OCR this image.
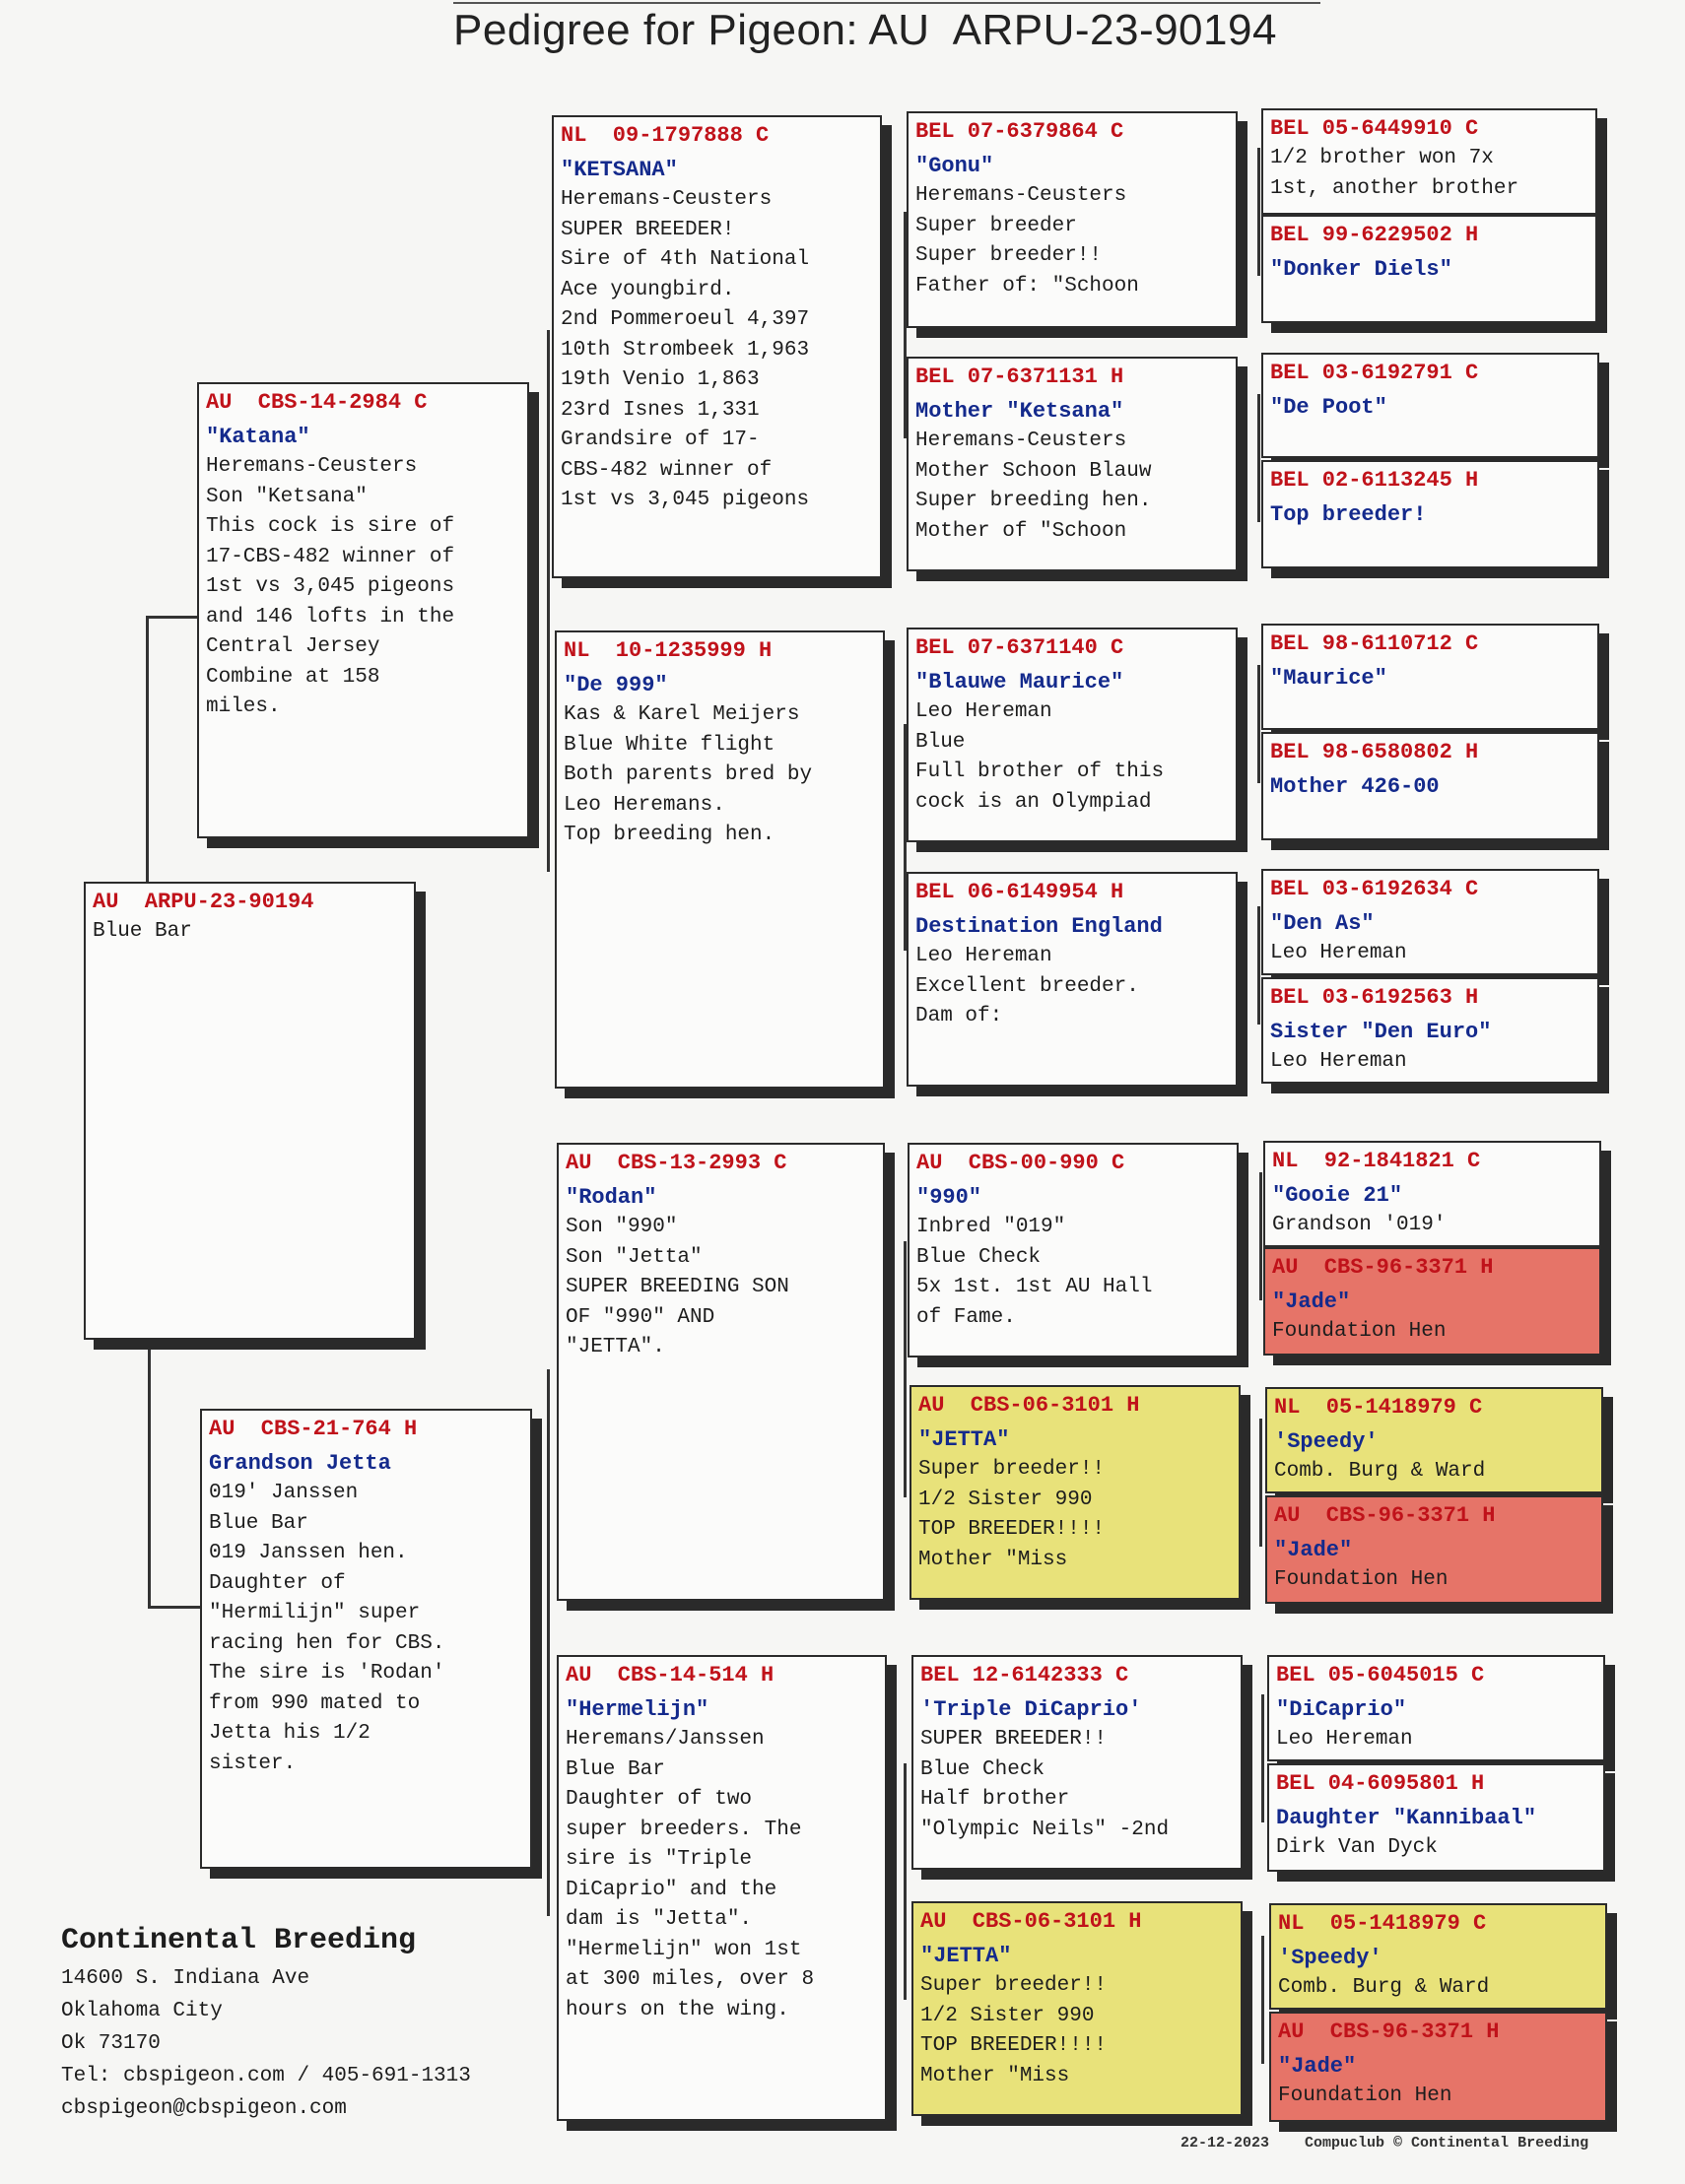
Pedigree for Pigeon: AU  ARPU-23-90194
AU  ARPU-23-90194
Blue Bar
AU  CBS-14-2984 C
"Katana"
Heremans-Ceusters
Son "Ketsana"
This cock is sire of
17-CBS-482 winner of
1st vs 3,045 pigeons
and 146 lofts in the
Central Jersey
Combine at 158
miles.
AU  CBS-21-764 H
Grandson Jetta
019' Janssen
Blue Bar
019 Janssen hen.
Daughter of
"Hermilijn" super
racing hen for CBS.
The sire is 'Rodan'
from 990 mated to
Jetta his 1/2
sister.
NL  09-1797888 C
"KETSANA"
Heremans-Ceusters
SUPER BREEDER!
Sire of 4th National
Ace youngbird.
2nd Pommeroeul 4,397
10th Strombeek 1,963
19th Venio 1,863
23rd Isnes 1,331
Grandsire of 17-
CBS-482 winner of
1st vs 3,045 pigeons
NL  10-1235999 H
"De 999"
Kas & Karel Meijers
Blue White flight
Both parents bred by
Leo Heremans.
Top breeding hen.
AU  CBS-13-2993 C
"Rodan"
Son "990"
Son "Jetta"
SUPER BREEDING SON
OF "990" AND
"JETTA".
AU  CBS-14-514 H
"Hermelijn"
Heremans/Janssen
Blue Bar
Daughter of two
super breeders. The
sire is "Triple
DiCaprio" and the
dam is "Jetta".
"Hermelijn" won 1st
at 300 miles, over 8
hours on the wing.
BEL 07-6379864 C
"Gonu"
Heremans-Ceusters
Super breeder
Super breeder!!
Father of: "Schoon
BEL 07-6371131 H
Mother "Ketsana"
Heremans-Ceusters
Mother Schoon Blauw
Super breeding hen.
Mother of "Schoon
BEL 07-6371140 C
"Blauwe Maurice"
Leo Hereman
Blue
Full brother of this
cock is an Olympiad
BEL 06-6149954 H
Destination England
Leo Hereman
Excellent breeder.
Dam of:
AU  CBS-00-990 C
"990"
Inbred "019"
Blue Check
5x 1st. 1st AU Hall
of Fame.
AU  CBS-06-3101 H
"JETTA"
Super breeder!!
1/2 Sister 990
TOP BREEDER!!!!
Mother "Miss
BEL 12-6142333 C
'Triple DiCaprio'
SUPER BREEDER!!
Blue Check
Half brother
"Olympic Neils" -2nd
AU  CBS-06-3101 H
"JETTA"
Super breeder!!
1/2 Sister 990
TOP BREEDER!!!!
Mother "Miss
BEL 05-6449910 C
1/2 brother won 7x
1st, another brother
BEL 99-6229502 H
"Donker Diels"
BEL 03-6192791 C
"De Poot"
BEL 02-6113245 H
Top breeder!
BEL 98-6110712 C
"Maurice"
BEL 98-6580802 H
Mother 426-00
BEL 03-6192634 C
"Den As"
Leo Hereman
BEL 03-6192563 H
Sister "Den Euro"
Leo Hereman
NL  92-1841821 C
"Gooie 21"
Grandson '019'
AU  CBS-96-3371 H
"Jade"
Foundation Hen
NL  05-1418979 C
'Speedy'
Comb. Burg & Ward
AU  CBS-96-3371 H
"Jade"
Foundation Hen
BEL 05-6045015 C
"DiCaprio"
Leo Hereman
BEL 04-6095801 H
Daughter "Kannibaal"
Dirk Van Dyck
NL  05-1418979 C
'Speedy'
Comb. Burg & Ward
AU  CBS-96-3371 H
"Jade"
Foundation Hen
Continental Breeding
14600 S. Indiana Ave
Oklahoma City
Ok 73170
Tel: cbspigeon.com / 405-691-1313
cbspigeon@cbspigeon.com
22-12-2023 Compuclub © Continental Breeding
